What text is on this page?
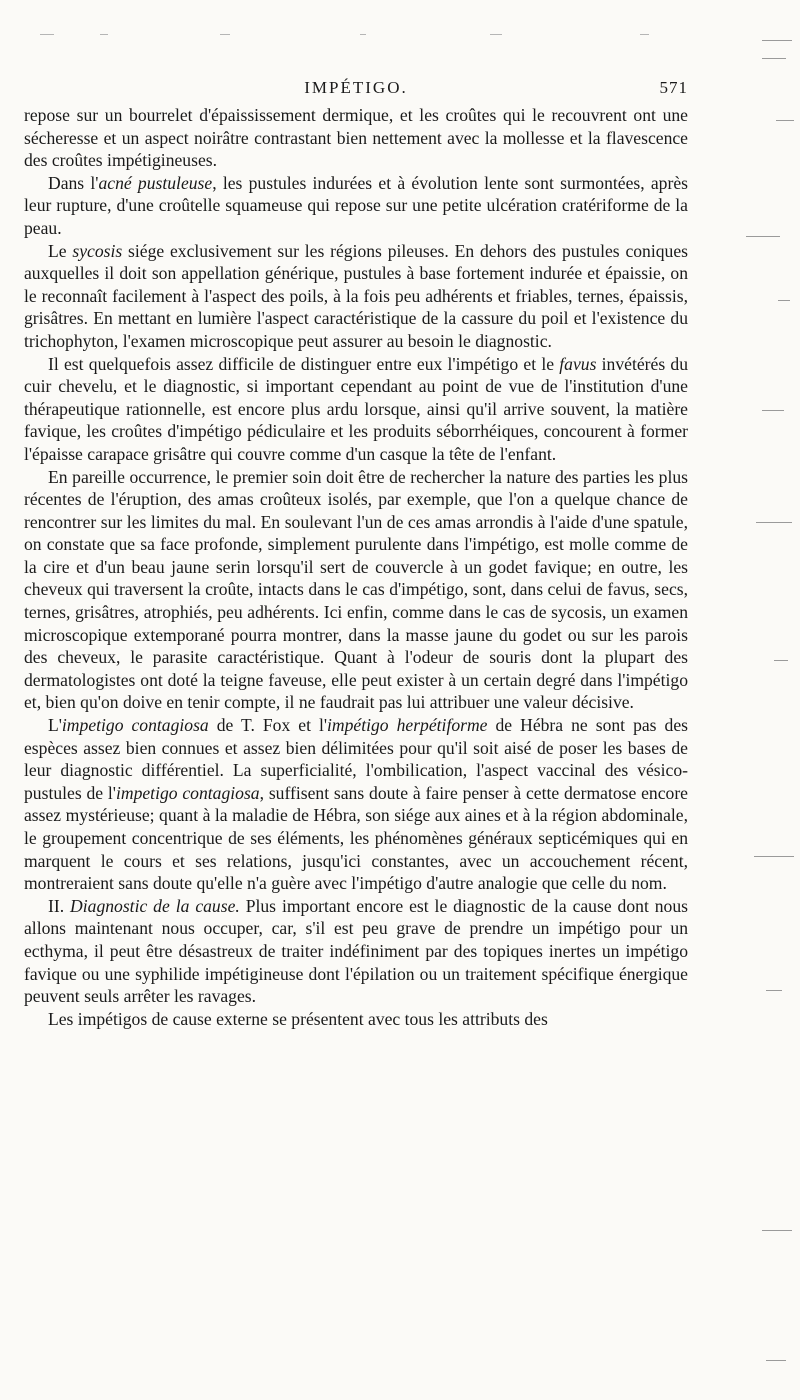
IMPÉTIGO.	571

repose sur un bourrelet d'épaississement dermique, et les croûtes qui le recouvrent ont une sécheresse et un aspect noirâtre contrastant bien nettement avec la mollesse et la flavescence des croûtes impétigineuses.

Dans l'acné pustuleuse, les pustules indurées et à évolution lente sont surmontées, après leur rupture, d'une croûtelle squameuse qui repose sur une petite ulcération cratériforme de la peau.

Le sycosis siége exclusivement sur les régions pileuses. En dehors des pustules coniques auxquelles il doit son appellation générique, pustules à base fortement indurée et épaissie, on le reconnaît facilement à l'aspect des poils, à la fois peu adhérents et friables, ternes, épaissis, grisâtres. En mettant en lumière l'aspect caractéristique de la cassure du poil et l'existence du trichophyton, l'examen microscopique peut assurer au besoin le diagnostic.

Il est quelquefois assez difficile de distinguer entre eux l'impétigo et le favus invétérés du cuir chevelu, et le diagnostic, si important cependant au point de vue de l'institution d'une thérapeutique rationnelle, est encore plus ardu lorsque, ainsi qu'il arrive souvent, la matière favique, les croûtes d'impétigo pédiculaire et les produits séborrhéiques, concourent à former l'épaisse carapace grisâtre qui couvre comme d'un casque la tête de l'enfant.

En pareille occurrence, le premier soin doit être de rechercher la nature des parties les plus récentes de l'éruption, des amas croûteux isolés, par exemple, que l'on a quelque chance de rencontrer sur les limites du mal. En soulevant l'un de ces amas arrondis à l'aide d'une spatule, on constate que sa face profonde, simplement purulente dans l'impétigo, est molle comme de la cire et d'un beau jaune serin lorsqu'il sert de couvercle à un godet favique; en outre, les cheveux qui traversent la croûte, intacts dans le cas d'impétigo, sont, dans celui de favus, secs, ternes, grisâtres, atrophiés, peu adhérents. Ici enfin, comme dans le cas de sycosis, un examen microscopique extemporané pourra montrer, dans la masse jaune du godet ou sur les parois des cheveux, le parasite caractéristique. Quant à l'odeur de souris dont la plupart des dermatologistes ont doté la teigne faveuse, elle peut exister à un certain degré dans l'impétigo et, bien qu'on doive en tenir compte, il ne faudrait pas lui attribuer une valeur décisive.

L'impetigo contagiosa de T. Fox et l'impétigo herpétiforme de Hébra ne sont pas des espèces assez bien connues et assez bien délimitées pour qu'il soit aisé de poser les bases de leur diagnostic différentiel. La superficialité, l'ombilication, l'aspect vaccinal des vésico-pustules de l'impetigo contagiosa, suffisent sans doute à faire penser à cette dermatose encore assez mystérieuse; quant à la maladie de Hébra, son siége aux aines et à la région abdominale, le groupement concentrique de ses éléments, les phénomènes généraux septicémiques qui en marquent le cours et ses relations, jusqu'ici constantes, avec un accouchement récent, montreraient sans doute qu'elle n'a guère avec l'impétigo d'autre analogie que celle du nom.

II. Diagnostic de la cause. Plus important encore est le diagnostic de la cause dont nous allons maintenant nous occuper, car, s'il est peu grave de prendre un impétigo pour un ecthyma, il peut être désastreux de traiter indéfiniment par des topiques inertes un impétigo favique ou une syphilide impétigineuse dont l'épilation ou un traitement spécifique énergique peuvent seuls arrêter les ravages.

Les impétigos de cause externe se présentent avec tous les attributs des
